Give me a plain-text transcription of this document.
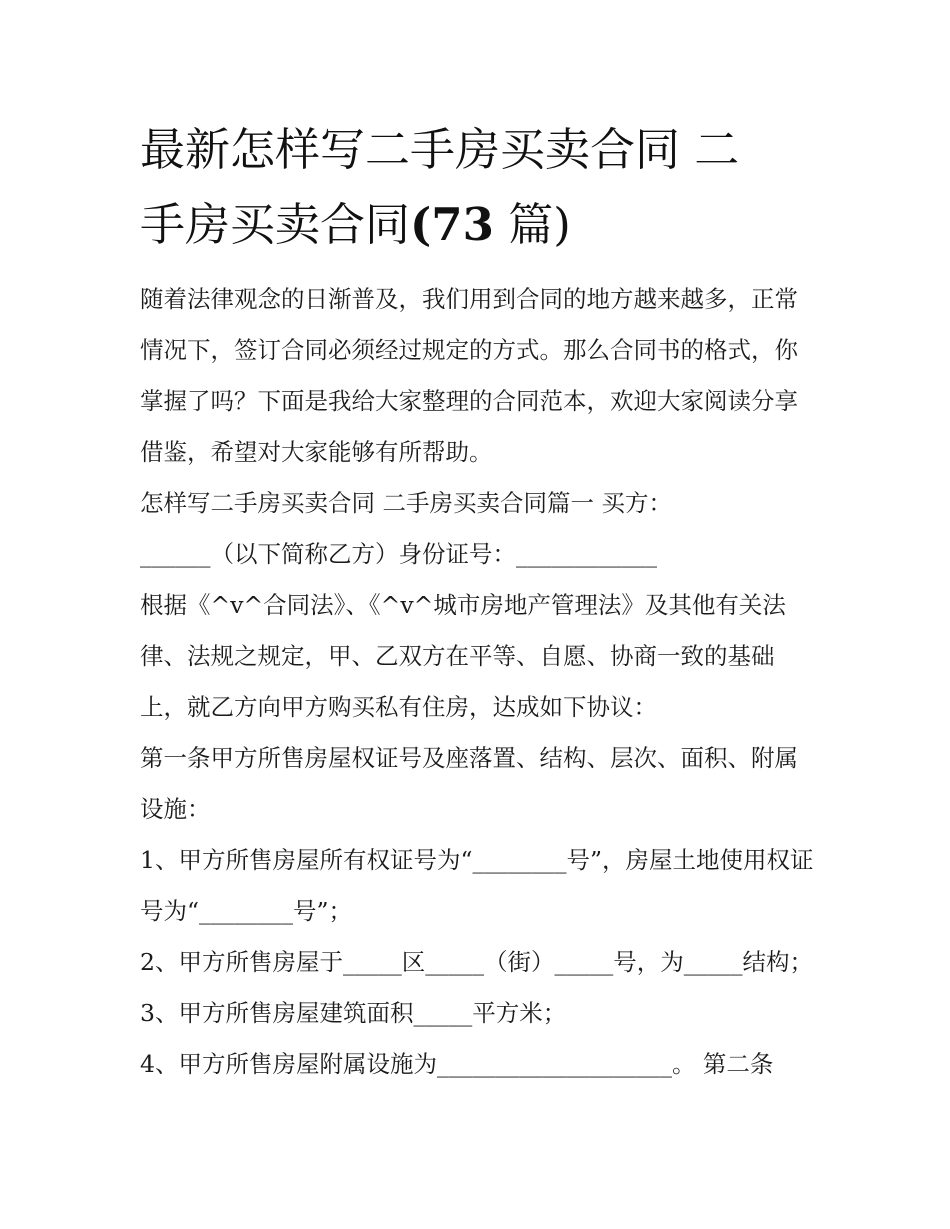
最新怎样写二手房买卖合同 二
手房买卖合同(73 篇)

随着法律观念的日渐普及，我们用到合同的地方越来越多，正常情况下，签订合同必须经过规定的方式。那么合同书的格式，你掌握了吗？下面是我给大家整理的合同范本，欢迎大家阅读分享借鉴，希望对大家能够有所帮助。

怎样写二手房买卖合同 二手房买卖合同篇一 买方：

______（以下简称乙方）身份证号：____________

根据《^v^合同法》、《^v^城市房地产管理法》及其他有关法律、法规之规定，甲、乙双方在平等、自愿、协商一致的基础上，就乙方向甲方购买私有住房，达成如下协议：

第一条甲方所售房屋权证号及座落置、结构、层次、面积、附属设施：

1、甲方所售房屋所有权证号为“________号”，房屋土地使用权证号为“________号”；

2、甲方所售房屋于_____区_____（街）_____号，为_____结构； 3、甲方所售房屋建筑面积_____平方米；

4、甲方所售房屋附属设施为____________________。 第二条
